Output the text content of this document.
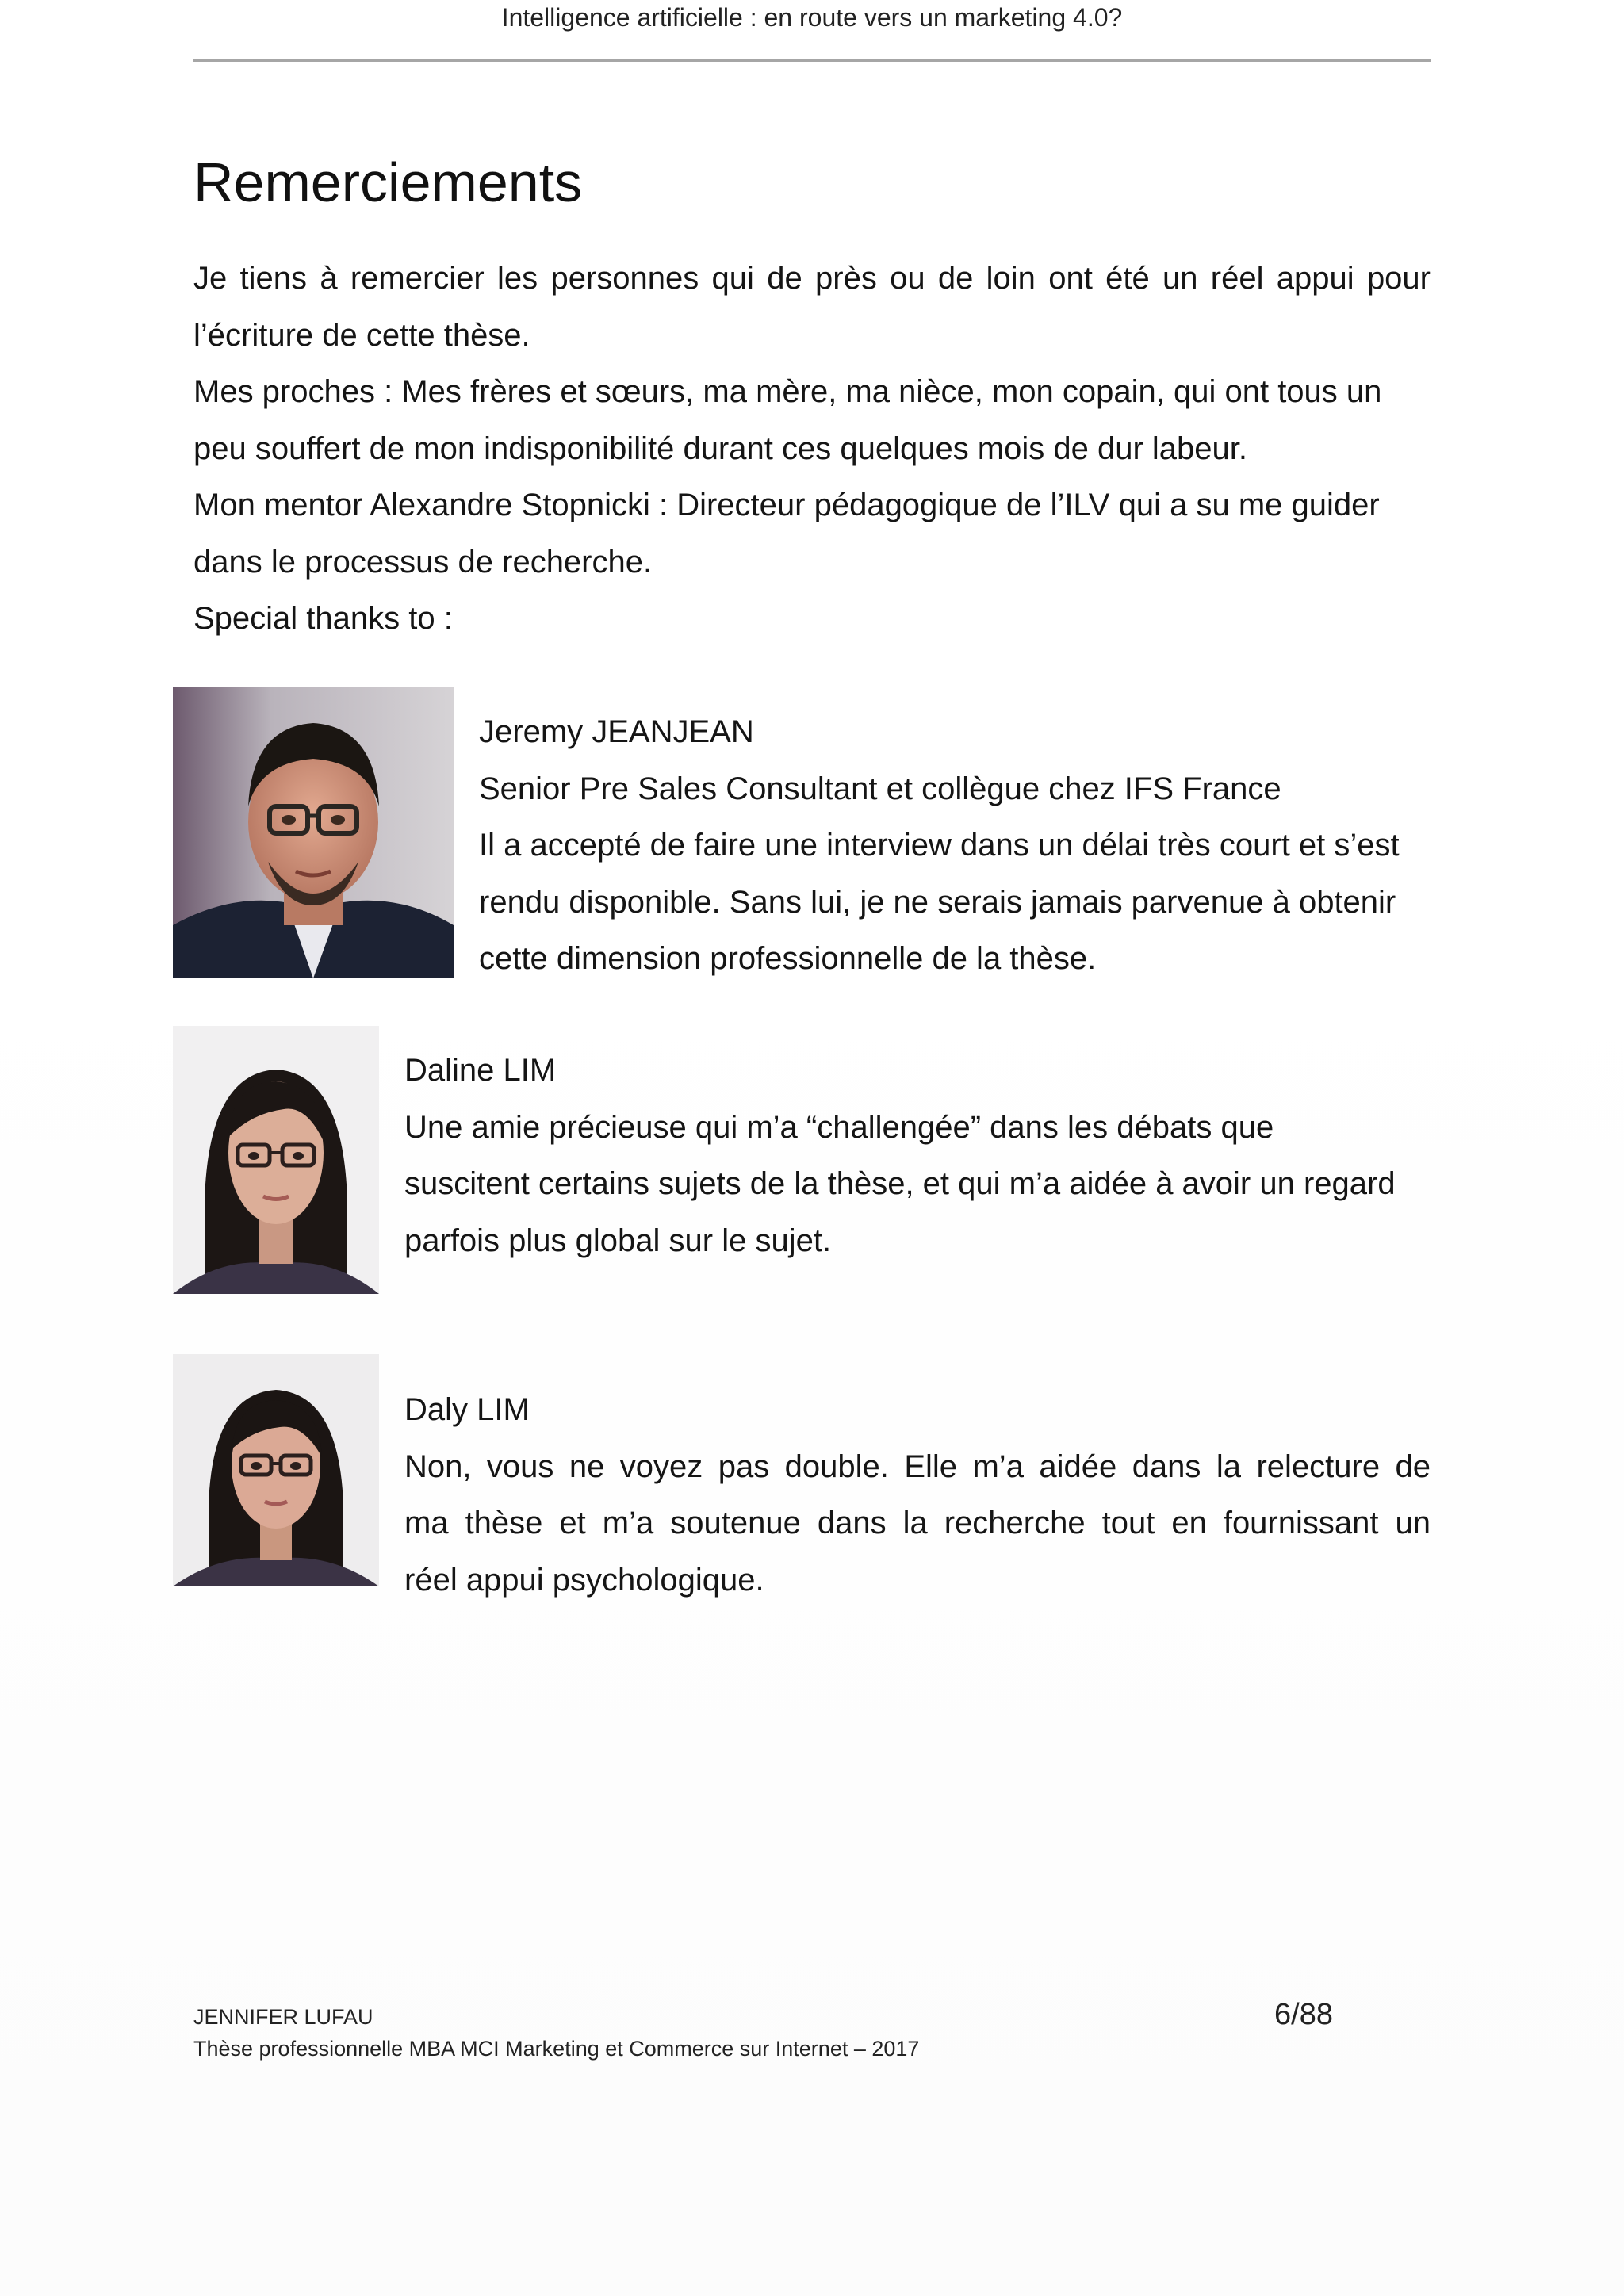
Intelligence artificielle : en route vers un marketing 4.0?
Remerciements
Je tiens à remercier les personnes qui de près ou de loin ont été un réel appui pour
l’écriture de cette thèse.
Mes proches : Mes frères et sœurs, ma mère, ma nièce, mon copain, qui ont tous un
peu souffert de mon indisponibilité durant ces quelques mois de dur labeur.
Mon mentor Alexandre Stopnicki : Directeur pédagogique de l’ILV qui a su me guider
dans le processus de recherche.
Special thanks to :
Jeremy JEANJEAN
Senior Pre Sales Consultant et collègue chez IFS France
Il a accepté de faire une interview dans un délai très court et s’est
rendu disponible. Sans lui, je ne serais jamais parvenue à obtenir
cette dimension professionnelle de la thèse.
Daline LIM
Une amie précieuse qui m’a “challengée” dans les débats que
suscitent certains sujets de la thèse, et qui m’a aidée à avoir un regard
parfois plus global sur le sujet.
Daly LIM
Non, vous ne voyez pas double. Elle m’a aidée dans la relecture de
ma thèse et m’a soutenue dans la recherche tout en fournissant un
réel appui psychologique.
JENNIFER LUFAU
Thèse professionnelle MBA MCI Marketing et Commerce sur Internet – 2017
6/88
